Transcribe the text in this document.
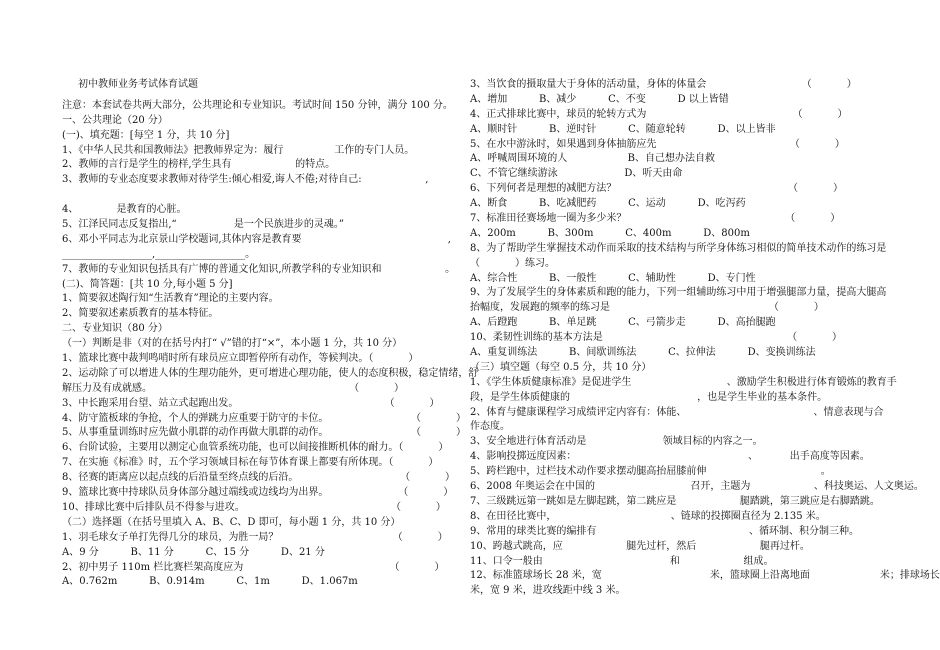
初中教师业务考试体育试题
注意：本套试卷共两大部分，公共理论和专业知识。考试时间 150 分钟，满分 100 分。
一、公共理论（20 分）
(一)、填充题：[每空 1 分，共 10 分]
1、《中华人民共和国教师法》把教师界定为：履行                工作的专门人员。
2、教师的言行是学生的榜样,学生具有                    的特点。
3、教师的专业态度要求教师对待学生:倾心相爱,诲人不倦;对待自己:                    ,
4、            是教育的心脏。
5、江泽民同志反复指出,“                  是一个民族进步的灵魂。”
6、邓小平同志为北京景山学校题词,其体内容是教育要                                              ,
__________________,__________________。
7、教师的专业知识包括具有广博的普通文化知识,所教学科的专业知识和                    。
(二)、简答题：[共 10 分,每小题 5 分]
1、简要叙述陶行知“生活教育”理论的主要内容。
2、简要叙述素质教育的基本特征。
二、专业知识（80 分）
（一）判断是非（对的在括号内打“ √”错的打“×”，本小题 1 分，共 10 分）
1、篮球比赛中裁判鸣哨时所有球员应立即暂停所有动作，等候判决。（           ）
2、运动除了可以增进人体的生理功能外，更可增进心理功能，使人的态度积极，稳定情绪，舒
解压力及有成就感。                                                              （           ）
3、中长跑采用台望、站立式起跑出发。                                              （           ）
4、防守篮板球的争抢，个人的弹跳力应重要于防守的卡位。                          （           ）
5、从事重量训练时应先做小肌群的动作再做大肌群的动作。                          （           ）
6、台阶试验，主要用以测定心血管系统功能，也可以间接推断机体的耐力。（           ）
7、在实施《标准》时，五个学习领域目标在每节体育课上都要有所体现。（           ）
8、径赛的距离应以起点线的后沿量至终点线的后沿。                                （           ）
9、篮球比赛中持球队员身体部分越过端线或边线均为出界。                      （           ）
10、排球比赛中后排队员不得参与进攻。                                              （           ）
（二）选择题（在括号里填入 A、B、C、D 即可，每小题 1 分，共 10 分）
1、羽毛球女子单打先得几分的球员，为胜一局？                                    （           ）
A、9 分          B、11 分          C、15 分          D、21 分
2、初中男子 110m 栏比赛栏架高度应为                                              （           ）
A、0.762m          B、0.914m          C、1m          D、1.067m
3、当饮食的摄取量大于身体的活动量，身体的体量会                              （           ）
A、增加          B、减少          C、不变          D 以上皆错
4、正式排球比赛中，球员的轮转方式为                                              （           ）
A、顺时针          B、逆时针          C、随意轮转          D、以上皆非
5、在水中游泳时，如果遇到身体抽筋应先                                          （           ）
A、呼喊周围环境的人                   B、自己想办法自救
C、不管它继续游泳                     D、听天由命
6、下列何者是理想的减肥方法？                                                      （           ）
A、断食          B、吃减肥药          C、运动          D、吃泻药
7、标准田径赛场地一圈为多少米？                                                  （           ）
A、200m          B、300m          C、400m          D、800m
8、为了帮助学生掌握技术动作而采取的技术结构与所学身体练习相似的简单技术动作的练习是
（           ）练习。
A、综合性          B、一般性          C、辅助性          D、专门性
9、为了发展学生的身体素质和跑的能力，下列一组辅助练习中用于增强腿部力量，提高大腿高
抬幅度，发展跑的频率的练习是                                                  （           ）
A、后蹬跑          B、单足跳          C、弓箭步走          D、高抬腿跑
10、柔韧性训练的基本方法是                                                          （           ）
A、重复训练法          B、间歇训练法          C、拉伸法          D、变换训练法
（三）填空题（每空 0.5 分，共 10 分）
1、《学生体质健康标准》是促进学生                              、激励学生积极进行体育锻炼的教育手
段，是学生体质健康的                                        ，也是学生毕业的基本条件。
2、体育与健康课程学习成绩评定内容有：体能、                                        、情意表现与合
作态度。
3、安全地进行体育活动是                        领域目标的内容之一。
4、影响投掷远度因素：                                                      、          出手高度等因素。
5、跨栏跑中，过栏技术动作要求摆动腿高抬屈膝前伸                                    。
6、2008 年奥运会在中国的                              召开，主题为                    、科技奥运、人文奥运。
7、三级跳远第一跳如是左脚起跳，第二跳应是                    腿踏跳，第三跳应是右脚踏跳。
8、在田径比赛中，                                    、链球的投掷圈直径为 2.135 米。
9、常用的球类比赛的编排有                                                、循环制、积分制三种。
10、跨越式跳高，应                    腿先过杆，然后                    腿再过杆。
11、口令一般由                                        和                    组成。
12、标准篮球场长 28 米，宽                                  米，篮球圈上沿离地面                      米；排球场长
米，宽 9 米，进攻线距中线 3 米。
